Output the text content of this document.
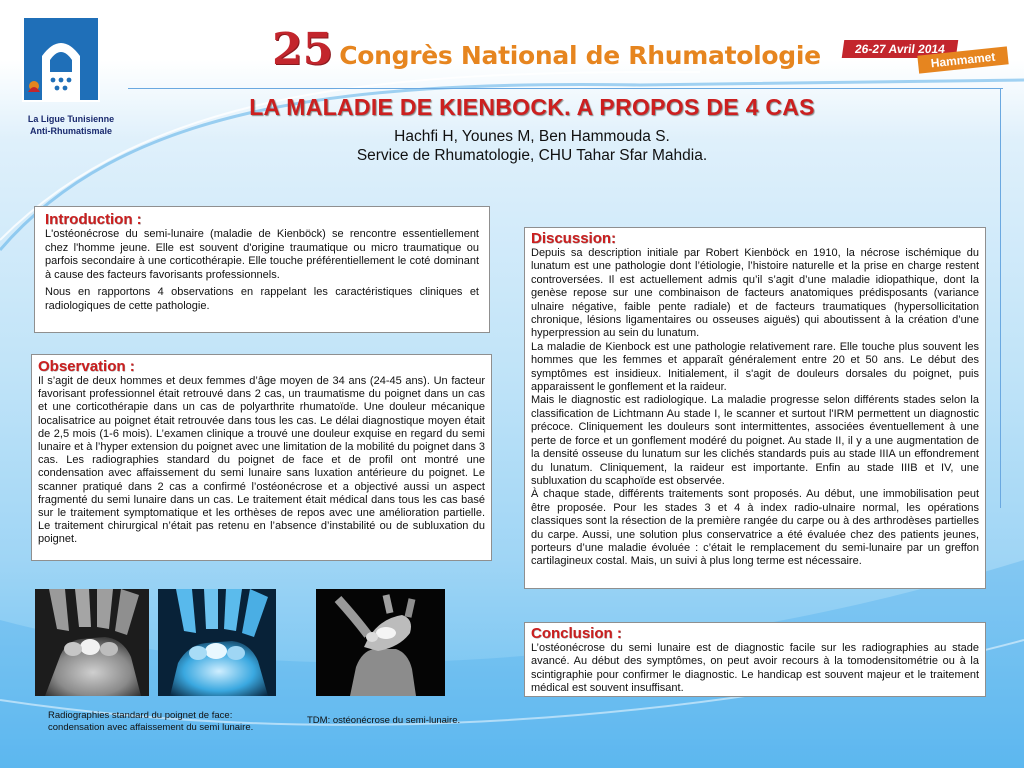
La Ligue Tunisienne
Anti-Rhumatismale
25 Congrès National de Rhumatologie	26-27 Avril 2014
Hammamet
LA MALADIE DE KIENBOCK. A PROPOS DE 4 CAS
Hachfi H, Younes M, Ben Hammouda S.
Service de Rhumatologie, CHU Tahar Sfar Mahdia.
Introduction :

L'ostéonécrose du semi-lunaire (maladie de Kienböck) se rencontre essentiellement chez l'homme jeune. Elle est souvent d'origine traumatique ou micro traumatique ou parfois secondaire à une corticothérapie. Elle touche préférentiellement le coté dominant à cause des facteurs favorisants professionnels.

Nous en rapportons 4 observations en rappelant les caractéristiques cliniques et radiologiques de cette pathologie.

Observation :

Il s’agit de deux hommes et deux femmes d’âge moyen de 34 ans (24-45 ans). Un facteur favorisant professionnel était retrouvé dans 2 cas, un traumatisme du poignet dans un cas et une corticothérapie dans un cas de polyarthrite rhumatoïde. Une douleur mécanique localisatrice au poignet était retrouvée dans tous les cas. Le délai diagnostique moyen était de 2,5 mois (1-6 mois). L’examen clinique a trouvé une douleur exquise en regard du semi lunaire et à l’hyper extension du poignet avec une limitation de la mobilité du poignet dans 3 cas. Les radiographies standard du poignet de face et de profil ont montré une condensation avec affaissement du semi lunaire sans luxation antérieure du poignet. Le scanner pratiqué dans 2 cas a confirmé l’ostéonécrose et a objectivé aussi un aspect fragmenté du semi lunaire dans un cas. Le traitement était médical dans tous les cas basé sur le traitement symptomatique et les orthèses de repos avec une amélioration partielle. Le traitement chirurgical n’était pas retenu en l’absence d’instabilité ou de subluxation du poignet.

Discussion:

Depuis sa description initiale par Robert Kienböck en 1910, la nécrose ischémique du lunatum est une pathologie dont l’étiologie, l’histoire naturelle et la prise en charge restent controversées. Il est actuellement admis qu’il s’agit d’une maladie idiopathique, dont la genèse repose sur une combinaison de facteurs anatomiques prédisposants (variance ulnaire négative, faible pente radiale) et de facteurs traumatiques (hypersollicitation chronique, lésions ligamentaires ou osseuses aiguës) qui aboutissent à la création d’une hyperpression au sein du lunatum.

La maladie de Kienbock est une pathologie relativement rare. Elle touche plus souvent les hommes que les femmes et apparaît généralement entre 20 et 50 ans. Le début des symptômes est insidieux. Initialement, il s'agit de douleurs dorsales du poignet, puis apparaissent le gonflement et la raideur.

Mais le diagnostic est radiologique. La maladie progresse selon différents stades selon la classification de Lichtmann Au stade I, le scanner et surtout l'IRM permettent un diagnostic précoce. Cliniquement les douleurs sont intermittentes, associées éventuellement à une perte de force et un gonflement modéré du poignet. Au stade II, il y a une augmentation de la densité osseuse du lunatum sur les clichés standards puis au stade IIIA un effondrement du lunatum. Cliniquement, la raideur est importante. Enfin au stade IIIB et IV, une subluxation du scaphoïde est observée.

À chaque stade, différents traitements sont proposés. Au début, une immobilisation peut être proposée. Pour les stades 3 et 4 à index radio-ulnaire normal, les opérations classiques sont la résection de la première rangée du carpe ou à des arthrodèses partielles du carpe. Aussi, une solution plus conservatrice a été évaluée chez des patients jeunes, porteurs d’une maladie évoluée : c’était le remplacement du semi-lunaire par un greffon cartilagineux costal. Mais, un suivi à plus long terme est nécessaire.

Conclusion :

L’ostéonécrose du semi lunaire est de diagnostic facile sur les radiographies au stade avancé. Au début des symptômes, on peut avoir recours à la tomodensitométrie ou à la scintigraphie pour confirmer le diagnostic. Le handicap est souvent majeur et le traitement médical est souvent insuffisant.

Radiographies standard du poignet de face: condensation avec affaissement du semi lunaire.
TDM: ostéonécrose du semi-lunaire.
